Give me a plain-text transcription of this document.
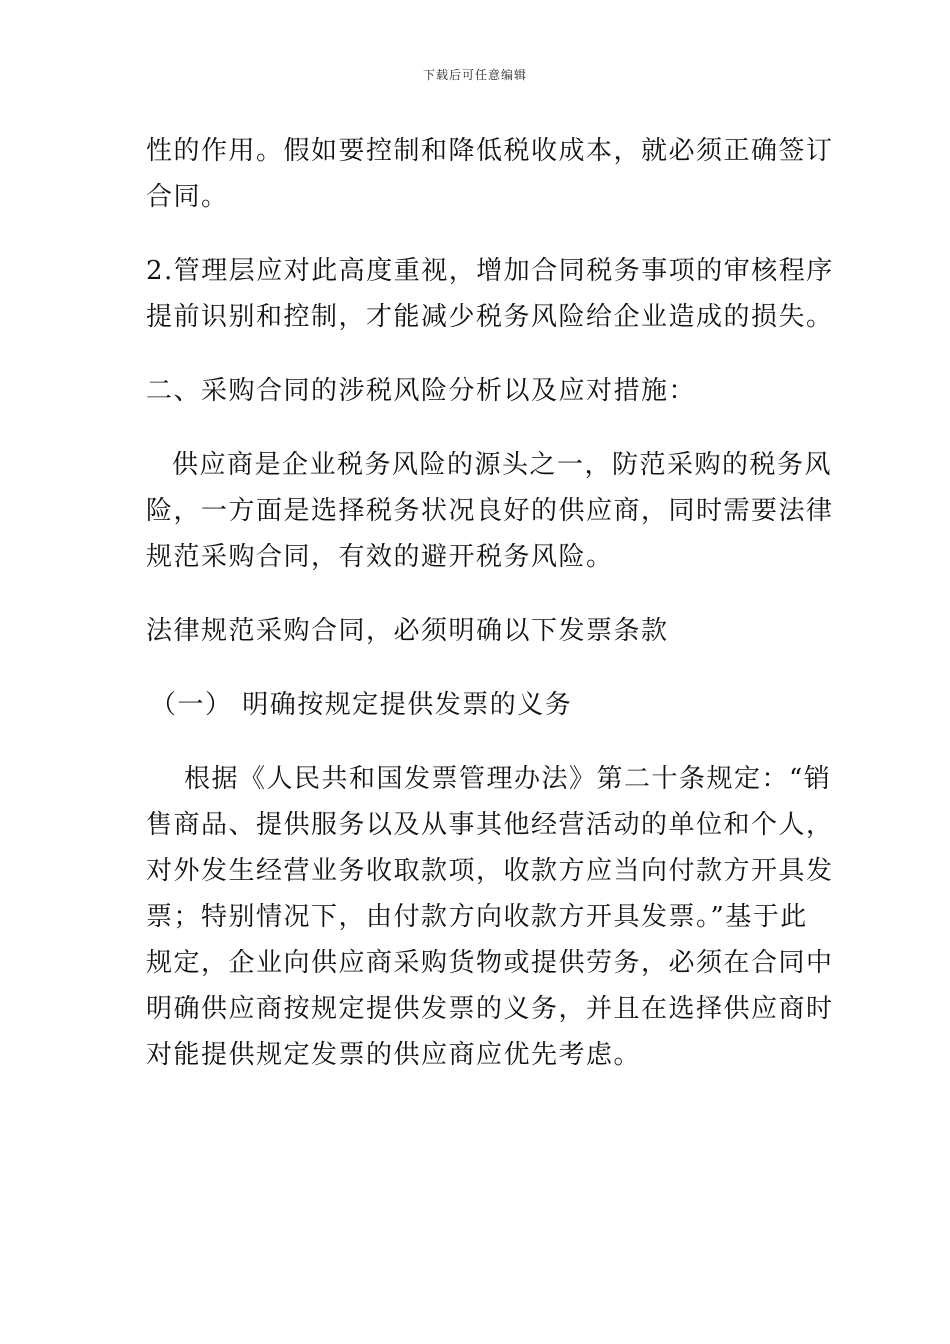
下载后可任意编辑

性的作用。假如要控制和降低税收成本，就必须正确签订

合同。

2.管理层应对此高度重视，增加合同税务事项的审核程序

提前识别和控制，才能减少税务风险给企业造成的损失。

二、采购合同的涉税风险分析以及应对措施：

供应商是企业税务风险的源头之一，防范采购的税务风

险，一方面是选择税务状况良好的供应商，同时需要法律

规范采购合同，有效的避开税务风险。

法律规范采购合同，必须明确以下发票条款

（一） 明确按规定提供发票的义务

根据《人民共和国发票管理办法》第二十条规定：“销

售商品、提供服务以及从事其他经营活动的单位和个人，

对外发生经营业务收取款项，收款方应当向付款方开具发

票；特别情况下，由付款方向收款方开具发票。”基于此

规定，企业向供应商采购货物或提供劳务，必须在合同中

明确供应商按规定提供发票的义务，并且在选择供应商时

对能提供规定发票的供应商应优先考虑。
